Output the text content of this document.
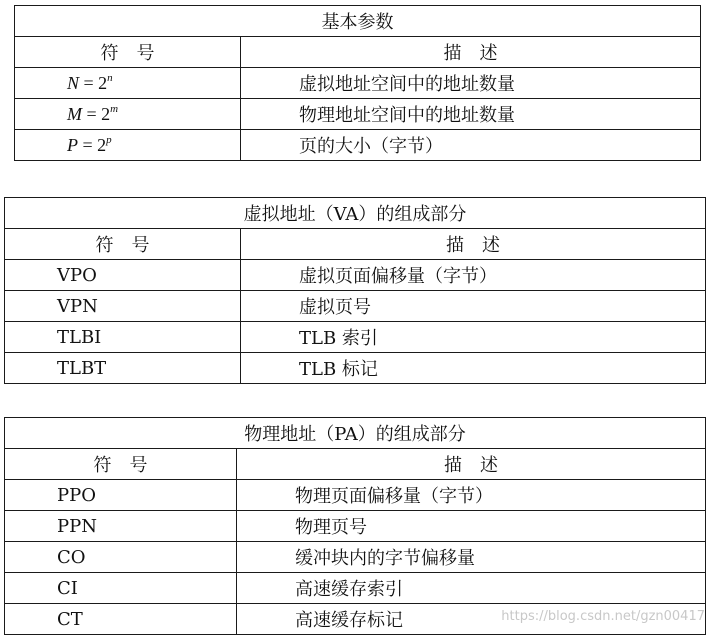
基本参数	
符　号	描　述
$N = 2^n$	虚拟地址空间中的地址数量
$M = 2^m$	物理地址空间中的地址数量
$P = 2^p$	页的大小（字节）
虚拟地址（VA）的组成部分	
符　号	描　述
VPO	虚拟页面偏移量（字节）
VPN	虚拟页号
TLBI	TLB 索引
TLBT	TLB 标记
物理地址（PA）的组成部分	
符　号	描　述
PPO	物理页面偏移量（字节）
PPN	物理页号
CO	缓冲块内的字节偏移量
CI	高速缓存索引
CT	高速缓存标记	https://blog.csdn.net/gzn00417
